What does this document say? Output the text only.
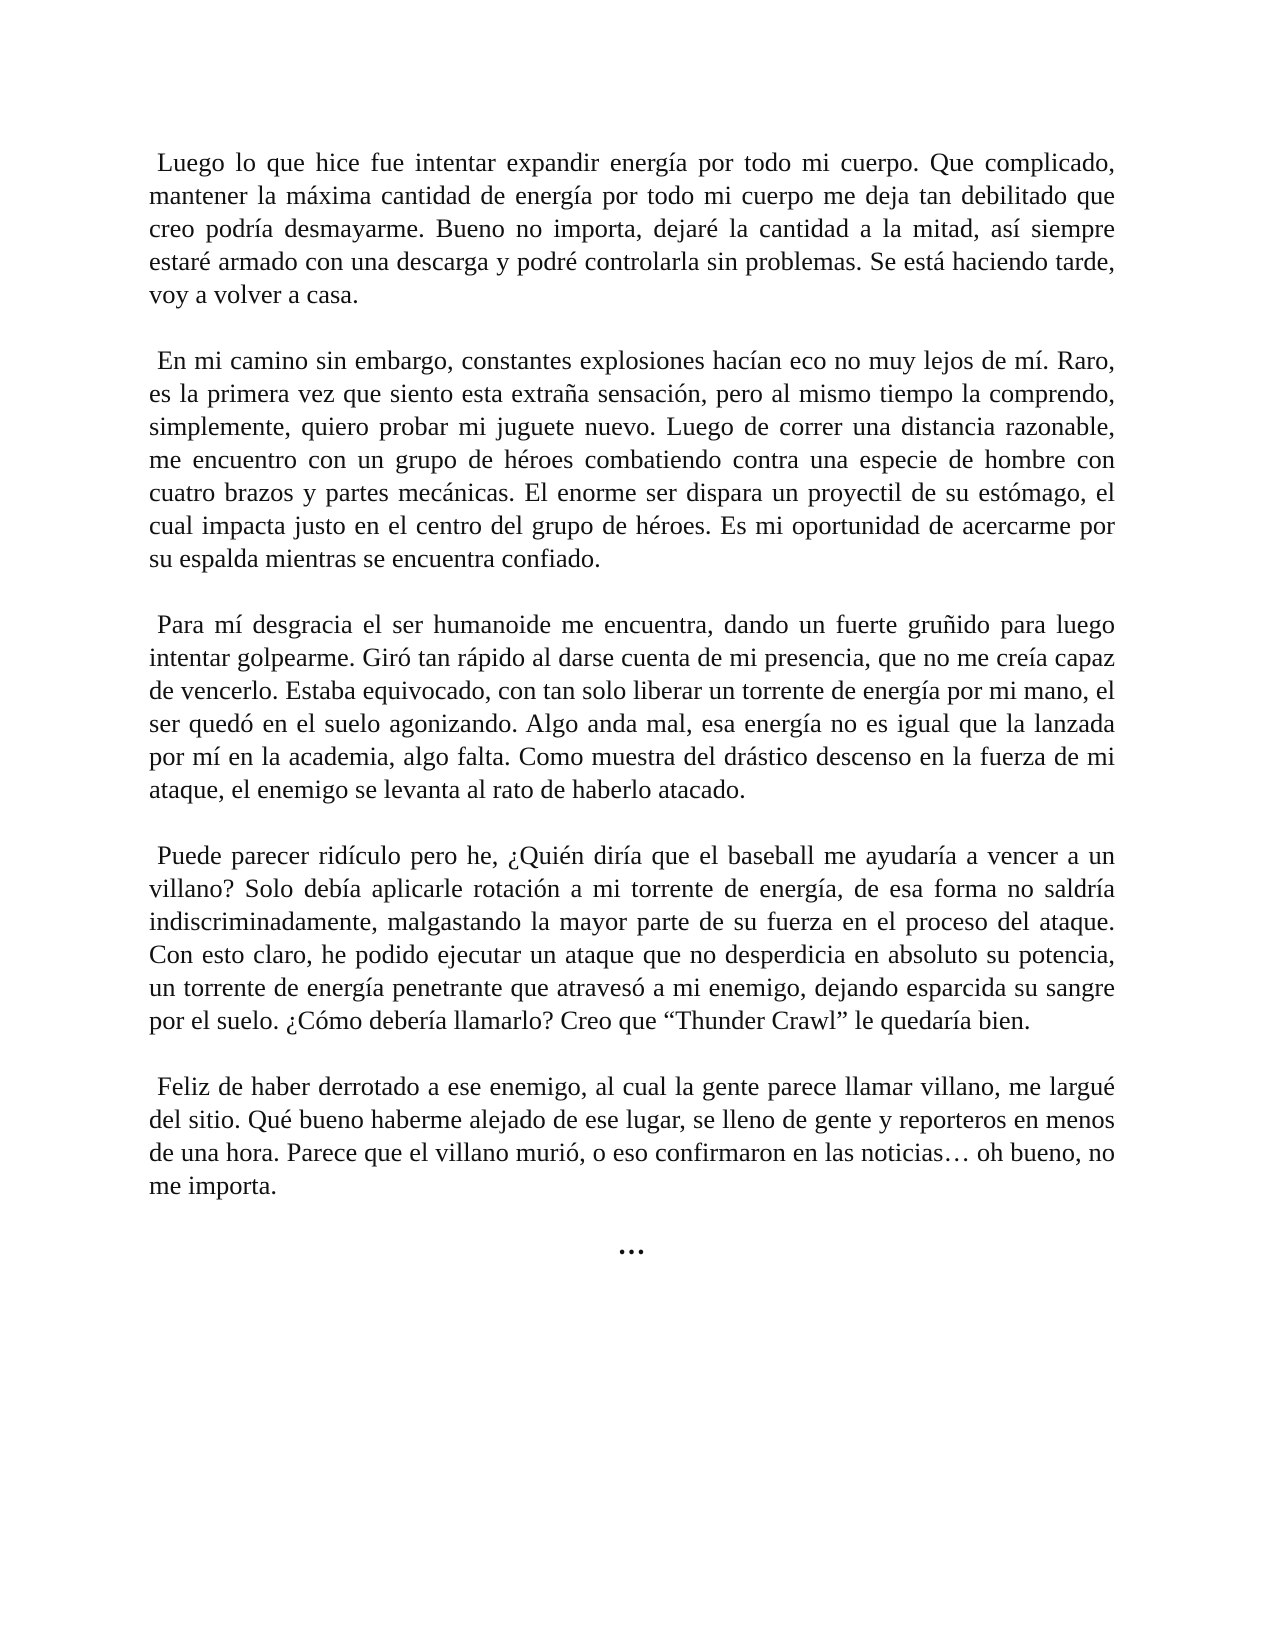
Luego lo que hice fue intentar expandir energía por todo mi cuerpo. Que complicado, mantener la máxima cantidad de energía por todo mi cuerpo me deja tan debilitado que creo podría desmayarme. Bueno no importa, dejaré la cantidad a la mitad, así siempre estaré armado con una descarga y podré controlarla sin problemas. Se está haciendo tarde, voy a volver a casa.

En mi camino sin embargo, constantes explosiones hacían eco no muy lejos de mí. Raro, es la primera vez que siento esta extraña sensación, pero al mismo tiempo la comprendo, simplemente, quiero probar mi juguete nuevo. Luego de correr una distancia razonable, me encuentro con un grupo de héroes combatiendo contra una especie de hombre con cuatro brazos y partes mecánicas. El enorme ser dispara un proyectil de su estómago, el cual impacta justo en el centro del grupo de héroes. Es mi oportunidad de acercarme por su espalda mientras se encuentra confiado.

Para mí desgracia el ser humanoide me encuentra, dando un fuerte gruñido para luego intentar golpearme. Giró tan rápido al darse cuenta de mi presencia, que no me creía capaz de vencerlo. Estaba equivocado, con tan solo liberar un torrente de energía por mi mano, el ser quedó en el suelo agonizando. Algo anda mal, esa energía no es igual que la lanzada por mí en la academia, algo falta. Como muestra del drástico descenso en la fuerza de mi ataque, el enemigo se levanta al rato de haberlo atacado.

Puede parecer ridículo pero he, ¿Quién diría que el baseball me ayudaría a vencer a un villano? Solo debía aplicarle rotación a mi torrente de energía, de esa forma no saldría indiscriminadamente, malgastando la mayor parte de su fuerza en el proceso del ataque. Con esto claro, he podido ejecutar un ataque que no desperdicia en absoluto su potencia, un torrente de energía penetrante que atravesó a mi enemigo, dejando esparcida su sangre por el suelo. ¿Cómo debería llamarlo? Creo que “Thunder Crawl” le quedaría bien.

Feliz de haber derrotado a ese enemigo, al cual la gente parece llamar villano, me largué del sitio. Qué bueno haberme alejado de ese lugar, se lleno de gente y reporteros en menos de una hora. Parece que el villano murió, o eso confirmaron en las noticias… oh bueno, no me importa.

…
